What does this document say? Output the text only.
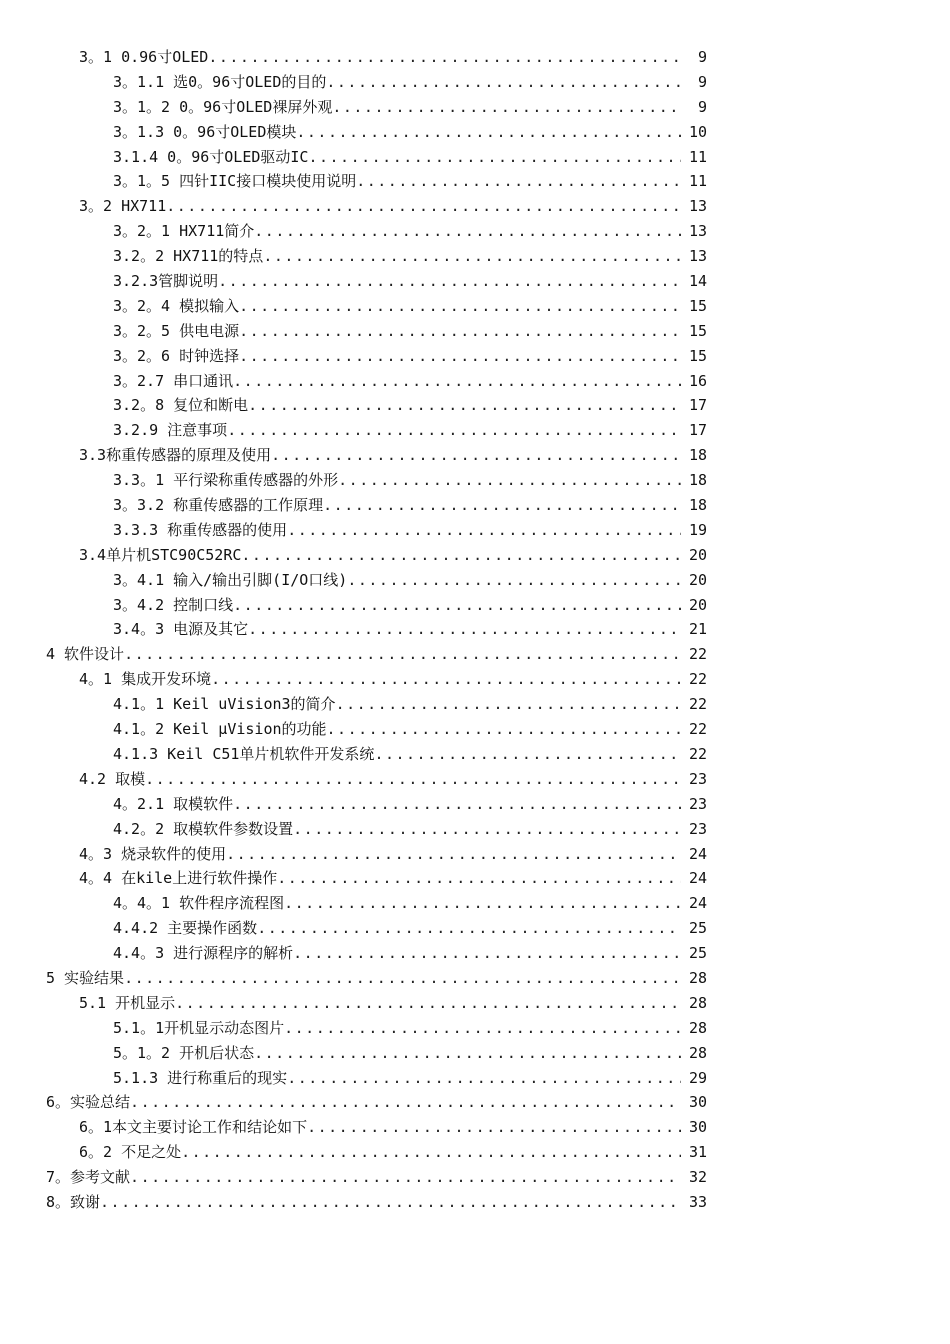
3。1 0.96寸OLED .....	9
3。1.1 选0。96寸OLED的目的 .....	9
3。1。2 0。96寸OLED裸屏外观 .....	9
3。1.3 0。96寸OLED模块 .....	10
3.1.4 0。96寸OLED驱动IC .....	11
3。1。5 四针IIC接口模块使用说明 .....	11
3。2 HX711 .....	13
3。2。1 HX711简介 .....	13
3.2。2 HX711的特点 .....	13
3.2.3管脚说明 .....	14
3。2。4 模拟输入 .....	15
3。2。5 供电电源 .....	15
3。2。6 时钟选择 .....	15
3。2.7 串口通讯 .....	16
3.2。8 复位和断电 .....	17
3.2.9 注意事项 .....	17
3.3称重传感器的原理及使用 .....	18
3.3。1 平行梁称重传感器的外形 .....	18
3。3.2 称重传感器的工作原理 .....	18
3.3.3 称重传感器的使用 .....	19
3.4单片机STC90C52RC .....	20
3。4.1 输入/输出引脚(I/O口线) .....	20
3。4.2 控制口线 .....	20
3.4。3 电源及其它 .....	21
4 软件设计 .....	22
4。1 集成开发环境 .....	22
4.1。1 Keil uVision3的简介 .....	22
4.1。2 Keil µVision的功能 .....	22
4.1.3 Keil C51单片机软件开发系统 .....	22
4.2 取模 .....	23
4。2.1 取模软件 .....	23
4.2。2 取模软件参数设置 .....	23
4。3 烧录软件的使用 .....	24
4。4 在kile上进行软件操作 .....	24
4。4。1 软件程序流程图 .....	24
4.4.2 主要操作函数 .....	25
4.4。3 进行源程序的解析 .....	25
5 实验结果 .....	28
5.1 开机显示 .....	28
5.1。1开机显示动态图片 .....	28
5。1。2 开机后状态 .....	28
5.1.3 进行称重后的现实 .....	29
6。实验总结 .....	30
6。1本文主要讨论工作和结论如下 .....	30
6。2 不足之处 .....	31
7。参考文献 .....	32
8。致谢 .....	33
